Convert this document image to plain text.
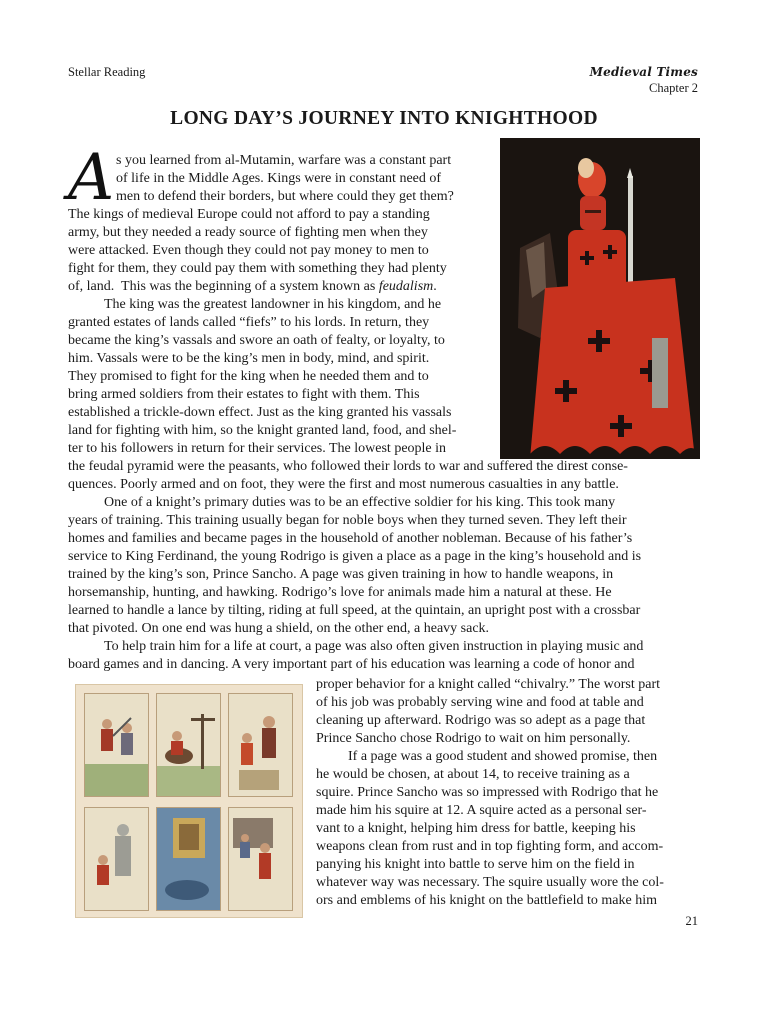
Stellar Reading	Medieval Times
Chapter 2
LONG DAY’S JOURNEY INTO KNIGHTHOOD
A s you learned from al-Mutamin, warfare was a constant part
of life in the Middle Ages. Kings were in constant need of
men to defend their borders, but where could they get them?
The kings of medieval Europe could not afford to pay a standing
army, but they needed a ready source of fighting men when they
were attacked. Even though they could not pay money to men to
fight for them, they could pay them with something they had plenty
of, land.  This was the beginning of a system known as feudalism.
The king was the greatest landowner in his kingdom, and he
granted estates of lands called “fiefs” to his lords. In return, they
became the king’s vassals and swore an oath of fealty, or loyalty, to
him. Vassals were to be the king’s men in body, mind, and spirit.
They promised to fight for the king when he needed them and to
bring armed soldiers from their estates to fight with them. This
established a trickle-down effect. Just as the king granted his vassals
land for fighting with him, so the knight granted land, food, and shel-
ter to his followers in return for their services. The lowest people in
the feudal pyramid were the peasants, who followed their lords to war and suffered the direst conse-
quences. Poorly armed and on foot, they were the first and most numerous casualties in any battle.
One of a knight’s primary duties was to be an effective soldier for his king. This took many
years of training. This training usually began for noble boys when they turned seven. They left their
homes and families and became pages in the household of another nobleman. Because of his father’s
service to King Ferdinand, the young Rodrigo is given a place as a page in the king’s household and is
trained by the king’s son, Prince Sancho. A page was given training in how to handle weapons, in
horsemanship, hunting, and hawking. Rodrigo’s love for animals made him a natural at these. He
learned to handle a lance by tilting, riding at full speed, at the quintain, an upright post with a crossbar
that pivoted. On one end was hung a shield, on the other end, a heavy sack.
To help train him for a life at court, a page was also often given instruction in playing music and
board games and in dancing. A very important part of his education was learning a code of honor and
proper behavior for a knight called “chivalry.” The worst part
of his job was probably serving wine and food at table and
cleaning up afterward. Rodrigo was so adept as a page that
Prince Sancho chose Rodrigo to wait on him personally.
If a page was a good student and showed promise, then
he would be chosen, at about 14, to receive training as a
squire. Prince Sancho was so impressed with Rodrigo that he
made him his squire at 12. A squire acted as a personal ser-
vant to a knight, helping him dress for battle, keeping his
weapons clean from rust and in top fighting form, and accom-
panying his knight into battle to serve him on the field in
whatever way was necessary. The squire usually wore the col-
ors and emblems of his knight on the battlefield to make him
21
